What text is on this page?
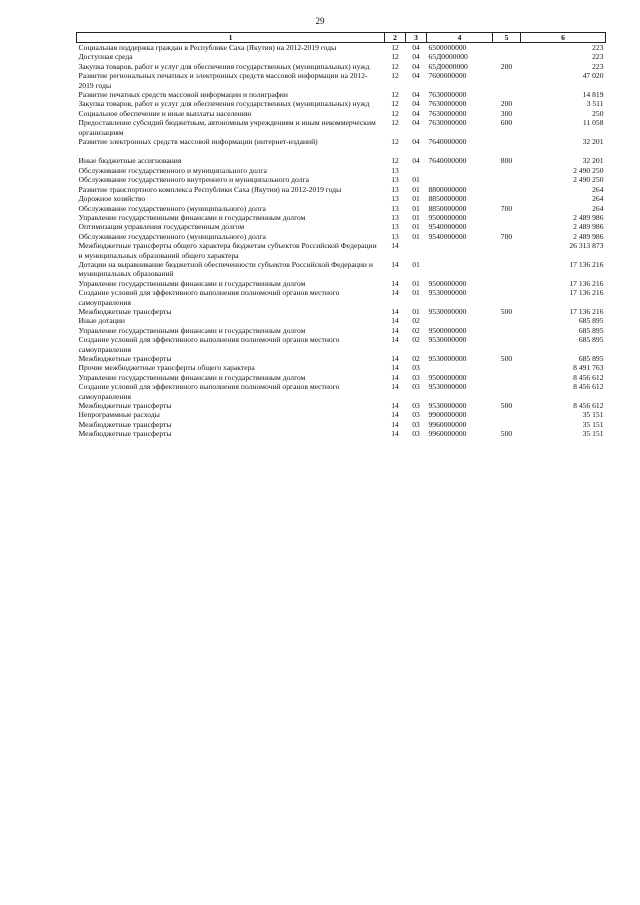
29
1	2	3	4	5	6
Социальная поддержка граждан в Республике Саха (Якутия) на 2012-2019 годы	12	04	6500000000		223
Доступная среда	12	04	65Д0000000		223
Закупка товаров, работ и услуг для обеспечения государственных (муниципальных) нужд	12	04	65Д0000000	200	223
Развитие региональных печатных и электронных средств массовой информации на 2012-2019 годы	12	04	7600000000		47 020
Развитие печатных средств массовой информации и полиграфии	12	04	7630000000		14 819
Закупка товаров, работ и услуг для обеспечения государственных (муниципальных) нужд	12	04	7630000000	200	3 511
Социальное обеспечение и иные выплаты населению	12	04	7630000000	300	250
Предоставление субсидий бюджетным, автономным учреждениям и иным некоммерческим организациям	12	04	7630000000	600	11 058
Развитие электронных средств массовой информации (интернет-изданий)	12	04	7640000000		32 201

Иные бюджетные ассигнования	12	04	7640000000	800	32 201
Обслуживание государственного и муниципального долга	13				2 490 250
Обслуживание государственного внутреннего и муниципального долга	13	01			2 490 250
Развитие транспортного комплекса Республики Саха (Якутия) на 2012-2019 годы	13	01	8800000000		264
Дорожное хозяйство	13	01	8850000000		264
Обслуживание государственного (муниципального) долга	13	01	8850000000	700	264
Управление государственными финансами и государственным долгом	13	01	9500000000		2 489 986
Оптимизация управления государственным долгом	13	01	9540000000		2 489 986
Обслуживание государственного (муниципального) долга	13	01	9540000000	700	2 489 986
Межбюджетные трансферты общего характера бюджетам субъектов Российской Федерации и муниципальных образований общего характера	14				26 313 873
Дотации на выравнивание бюджетной обеспеченности субъектов Российской Федерации и муниципальных образований	14	01			17 136 216
Управление государственными финансами и государственным долгом	14	01	9500000000		17 136 216
Создание условий для эффективного выполнения полномочий органов местного самоуправления	14	01	9530000000		17 136 216
Межбюджетные трансферты	14	01	9530000000	500	17 136 216
Иные дотации	14	02			685 895
Управление государственными финансами и государственным долгом	14	02	9500000000		685 895
Создание условий для эффективного выполнения полномочий органов местного самоуправления	14	02	9530000000		685 895
Межбюджетные трансферты	14	02	9530000000	500	685 895
Прочие межбюджетные трансферты общего характера	14	03			8 491 763
Управление государственными финансами и государственным долгом	14	03	9500000000		8 456 612
Создание условий для эффективного выполнения полномочий органов местного самоуправления	14	03	9530000000		8 456 612
Межбюджетные трансферты	14	03	9530000000	500	8 456 612
Непрограммные расходы	14	03	9900000000		35 151
Межбюджетные трансферты	14	03	9960000000		35 151
Межбюджетные трансферты	14	03	9960000000	500	35 151
